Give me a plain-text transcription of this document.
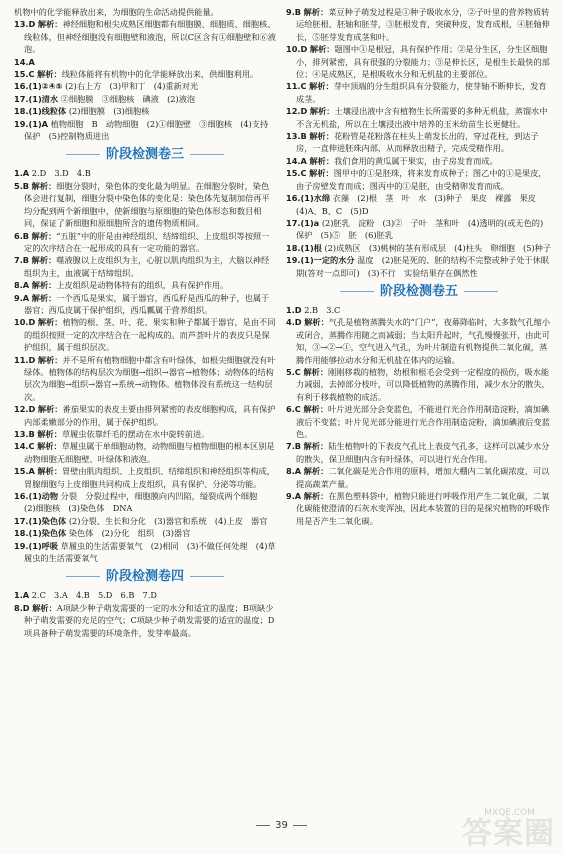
机物中的化学能释放出来，为细胞的生命活动提供能量。

13.D 解析：神经细胞和根尖成熟区细胞都有细胞膜、细胞质、细胞核、线粒体，但神经细胞没有细胞壁和液泡，所以C区含有①细胞壁和⑥液泡。

14.A

15.C 解析：线粒体能将有机物中的化学能释放出来，供细胞利用。

16.(1)②④⑤ (2)右上方　(3)甲和丁　(4)重新对光

17.(1)清水 ②细胞膜　③细胞核　碘液　(2)液泡

18.(1)线粒体 (2)细胞膜　(3)细胞核

19.(1)A 植物细胞　B　动物细胞　(2)①细胞壁　③细胞核　(4)支持　保护　(5)控制物质进出

阶段检测卷三

1.A 2.D　3.D　4.B

5.B 解析：细胞分裂时，染色体的变化最为明显。在细胞分裂时，染色体会进行复制，细胞分裂中染色体的变化是：染色体先复制加倍再平均分配到两个新细胞中，使新细胞与原细胞的染色体形态和数目相同，保证了新细胞和原细胞所含的遗传物质相同。

6.B 解析：“五脏”中的肝是由神经组织、结缔组织、上皮组织等按照一定的次序结合在一起形成的具有一定功能的器官。

7.B 解析：噬液腺以上皮组织为主，心脏以肌肉组织为主，大脑以神经组织为主，血液属于结缔组织。

8.A 解析：上皮组织是动物体特有的组织，具有保护作用。

9.A 解析：一个西瓜是果实，属于器官，西瓜籽是西瓜的种子，也属于器官；西瓜皮属于保护组织，西瓜瓤属于营养组织。

10.D 解析：植物的根、茎、叶、花、果实和种子都属于器官，是由不同的组织按照一定的次序结合在一起构成的。而芦荟叶片的表皮只是保护组织，属于组织层次。

11.D 解析：并不是所有植物细胞中都含有叶绿体，如根尖细胞就没有叶绿体。植物体的结构层次为细胞→组织→器官→植物体；动物体的结构层次为细胞→组织→器官→系统→动物体。植物体没有系统这一结构层次。

12.D 解析：番茄果实的表皮主要由排列紧密的表皮细胞构成，具有保护内部柔嫩部分的作用，属于保护组织。

13.B 解析：草履虫依靠纤毛的摆动在水中旋转前进。

14.C 解析：草履虫属于单细胞动物，动物细胞与植物细胞的根本区别是动物细胞无细胞壁、叶绿体和液泡。

15.A 解析：胃壁由肌肉组织、上皮组织、结缔组织和神经组织等构成，胃腺细胞与上皮细胞共同构成上皮组织，具有保护、分泌等功能。

16.(1)动物 分裂　分裂过程中，细胞膜向内凹陷，缢裂成两个细胞　(2)细胞核　(3)染色体　DNA

17.(1)染色体 (2)分裂、生长和分化　(3)器官和系统　(4)上皮　器官

18.(1)染色体 染色体　(2)分化　组织　(3)器官

19.(1)呼吸 草履虫的生活需要氧气　(2)相同　(3)不做任何处理　(4)草履虫的生活需要氧气

阶段检测卷四

1.A 2.C　3.A　4.B　5.D　6.B　7.D

8.D 解析：A项缺少种子萌发需要的一定的水分和适宜的温度；B项缺少种子萌发需要的充足的空气；C项缺少种子萌发需要的适宜的温度；D项具备种子萌发需要的环境条件，发芽率最高。

9.B 解析：菜豆种子萌发过程是①种子吸收水分，②子叶里的营养物质转运给胚根、胚轴和胚芽，③胚根发育，突破种皮，发育成根，④胚轴伸长，⑤胚芽发育成茎和叶。

10.D 解析：题图中①是根冠，具有保护作用；②是分生区，分生区细胞小，排列紧密，具有很强的分裂能力；③是伸长区，是根生长最快的部位；④是成熟区，是根吸收水分和无机盐的主要部位。

11.C 解析：芽中顶端的分生组织具有分裂能力，使芽轴不断伸长，发育成茎。

12.D 解析：土壤浸出液中含有植物生长所需要的多种无机盐，蒸馏水中不含无机盐，所以在土壤浸出液中培养的玉米幼苗生长更健壮。

13.B 解析：花粉管是花粉落在柱头上萌发长出的，穿过花柱，到达子房，一直伸进胚珠内部，从而释放出精子，完成受精作用。

14.A 解析：我们食用的黄瓜属于果实，由子房发育而成。

15.C 解析：图甲中的①是胚珠，将来发育成种子；图乙中的①是果皮，由子房壁发育而成；图丙中的①是胚，由受精卵发育而成。

16.(1)水绵 衣藻　(2)根　茎　叶　水　(3)种子　果皮　裸露　果皮　(4)A、B、C　(5)D

17.(1)a (2)胚乳　淀粉　(3)②　子叶　茎和叶　(4)透明的(或无色的)　保护　(5)⑤　胚　(6)胚乳

18.(1)根 (2)成熟区　(3)桃树的茎有形成层　(4)柱头　卵细胞　(5)种子

19.(1)一定的水分 温度　(2)胚是死的、胚的结构不完整或种子处于休眠期(答对一点即可)　(3)不行　实验结果存在偶然性

阶段检测卷五

1.D 2.B　3.C

4.D 解析：气孔是植物蒸腾失水的“门户”，夜幕降临时，大多数气孔缩小或闭合，蒸腾作用随之而减弱；当太阳升起时，气孔慢慢张开，由此可知，③→②→①，空气进入气孔，为叶片制造有机物提供二氧化碳，蒸腾作用能够拉动水分和无机盐在体内的运输。

5.C 解析：刚刚移栽的植物，幼根和根毛会受到一定程度的损伤，吸水能力减弱，去掉部分枝叶，可以降低植物的蒸腾作用，减少水分的散失，有利于移栽植物的成活。

6.C 解析：叶片进光部分会变蓝色，不能进行光合作用制造淀粉，滴加碘液后不变蓝；叶片见光部分能进行光合作用制造淀粉，滴加碘液后变蓝色。

7.B 解析：陆生植物叶的下表皮气孔比上表皮气孔多，这样可以减少水分的散失，保卫细胞内含有叶绿体，可以进行光合作用。

8.A 解析：二氧化碳是光合作用的原料，增加大棚内二氧化碳浓度，可以提高蔬菜产量。

9.A 解析：在黑色塑料袋中，植物只能进行呼吸作用产生二氧化碳，二氧化碳能使澄清的石灰水变浑浊，因此本装置的目的是探究植物的呼吸作用是否产生二氧化碳。

39
MXQE.COM
答案圈
